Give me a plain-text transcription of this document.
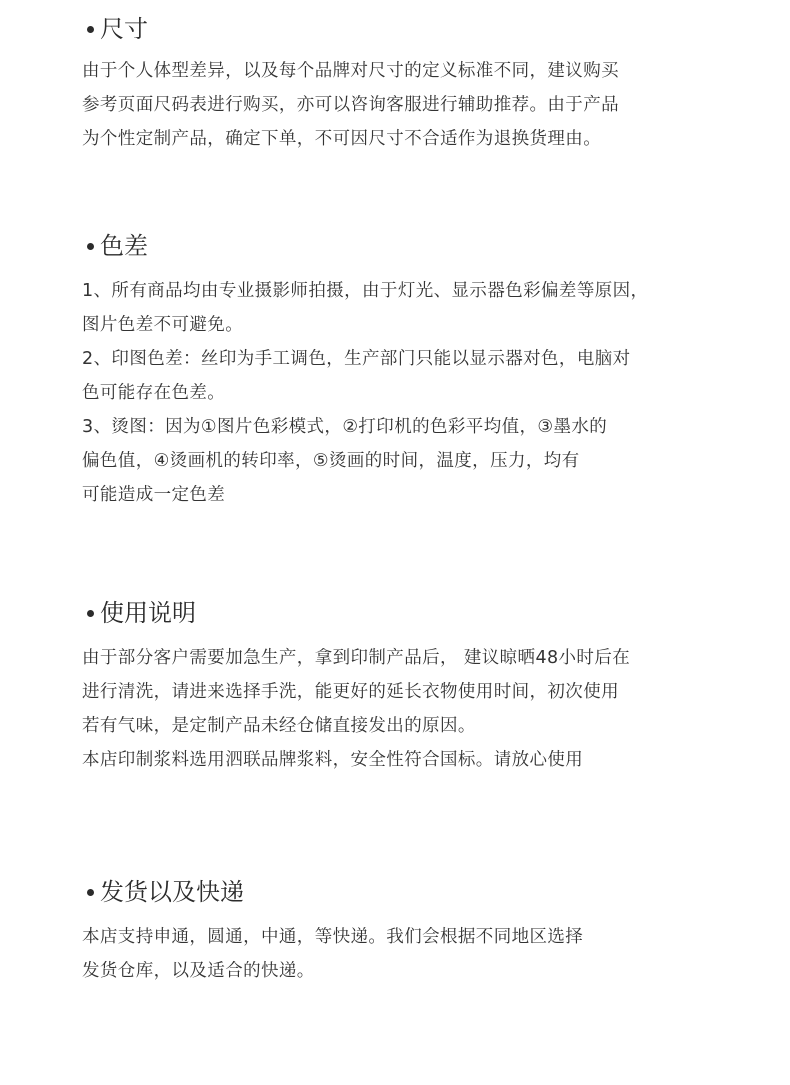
尺寸
由于个人体型差异，以及每个品牌对尺寸的定义标准不同，建议购买
参考页面尺码表进行购买，亦可以咨询客服进行辅助推荐。由于产品
为个性定制产品，确定下单，不可因尺寸不合适作为退换货理由。
色差
1、所有商品均由专业摄影师拍摄，由于灯光、显示器色彩偏差等原因，
图片色差不可避免。
2、印图色差：丝印为手工调色，生产部门只能以显示器对色，电脑对
色可能存在色差。
3、烫图：因为①图片色彩模式，②打印机的色彩平均值，③墨水的
偏色值，④烫画机的转印率，⑤烫画的时间，温度，压力，均有
可能造成一定色差
使用说明
由于部分客户需要加急生产，拿到印制产品后， 建议晾晒48小时后在
进行清洗，请进来选择手洗，能更好的延长衣物使用时间，初次使用
若有气味，是定制产品未经仓储直接发出的原因。
本店印制浆料选用泗联品牌浆料，安全性符合国标。请放心使用
发货以及快递
本店支持申通，圆通，中通，等快递。我们会根据不同地区选择
发货仓库，以及适合的快递。
